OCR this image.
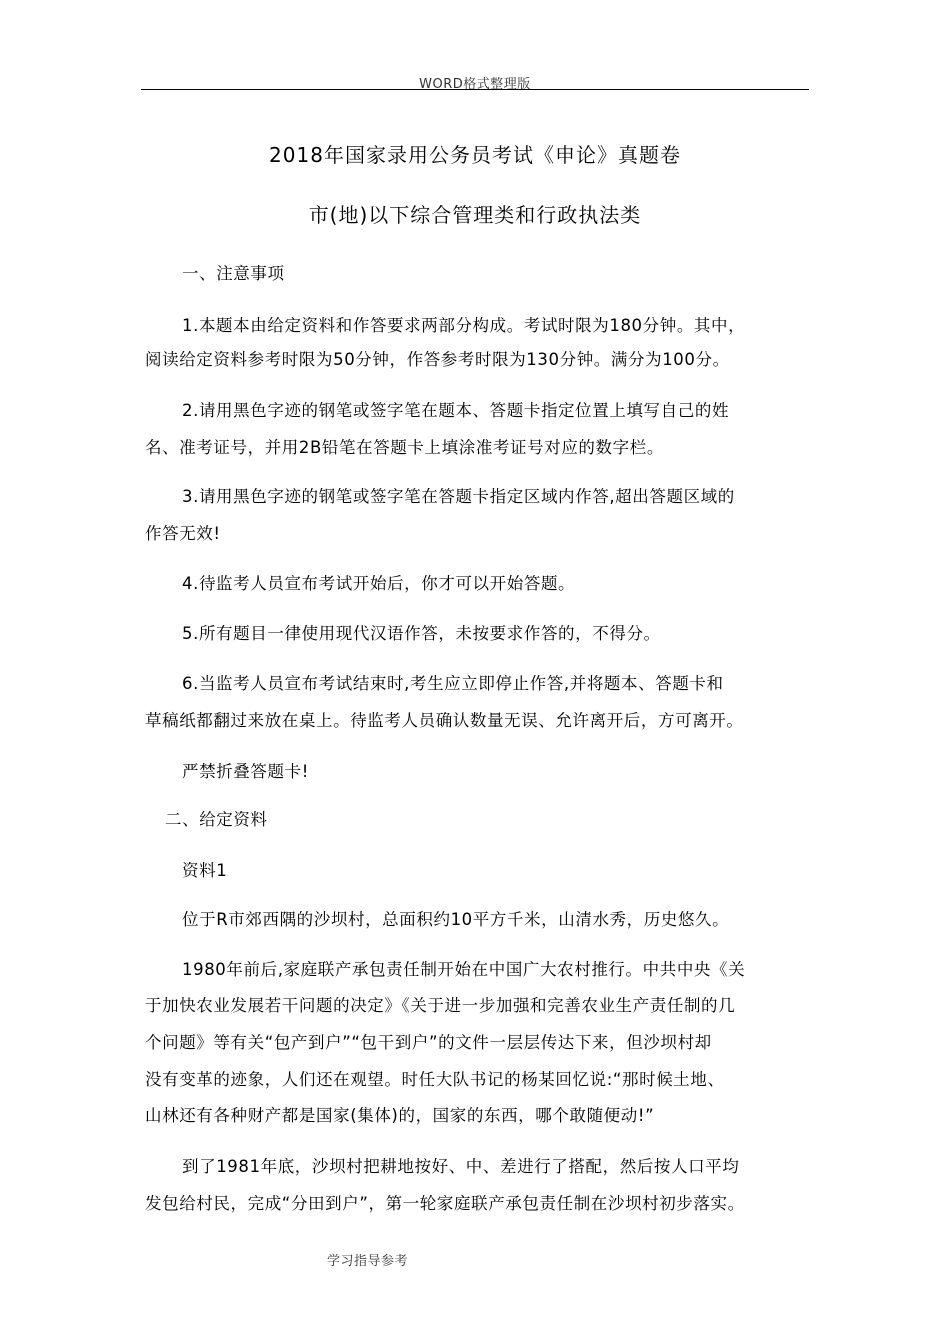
WORD格式整理版
2018年国家录用公务员考试《申论》真题卷
市(地)以下综合管理类和行政执法类
一、注意事项
1.本题本由给定资料和作答要求两部分构成。考试时限为180分钟。其中，
阅读给定资料参考时限为50分钟，作答参考时限为130分钟。满分为100分。
2.请用黑色字迹的钢笔或签字笔在题本、答题卡指定位置上填写自己的姓
名、准考证号，并用2B铅笔在答题卡上填涂准考证号对应的数字栏。
3.请用黑色字迹的钢笔或签字笔在答题卡指定区域内作答,超出答题区域的
作答无效!
4.待监考人员宣布考试开始后，你才可以开始答题。
5.所有题目一律使用现代汉语作答，未按要求作答的，不得分。
6.当监考人员宣布考试结束时,考生应立即停止作答,并将题本、答题卡和
草稿纸都翻过来放在桌上。待监考人员确认数量无误、允许离开后，方可离开。
严禁折叠答题卡!
二、给定资料
资料1
位于R市郊西隅的沙坝村，总面积约10平方千米，山清水秀，历史悠久。
1980年前后,家庭联产承包责任制开始在中国广大农村推行。中共中央《关
于加快农业发展若干问题的决定》《关于进一步加强和完善农业生产责任制的几
个问题》等有关“包产到户”“包干到户”的文件一层层传达下来，但沙坝村却
没有变革的迹象，人们还在观望。时任大队书记的杨某回忆说:“那时候土地、
山林还有各种财产都是国家(集体)的，国家的东西，哪个敢随便动!”
到了1981年底，沙坝村把耕地按好、中、差进行了搭配，然后按人口平均
发包给村民，完成“分田到户”，第一轮家庭联产承包责任制在沙坝村初步落实。
学习指导参考
